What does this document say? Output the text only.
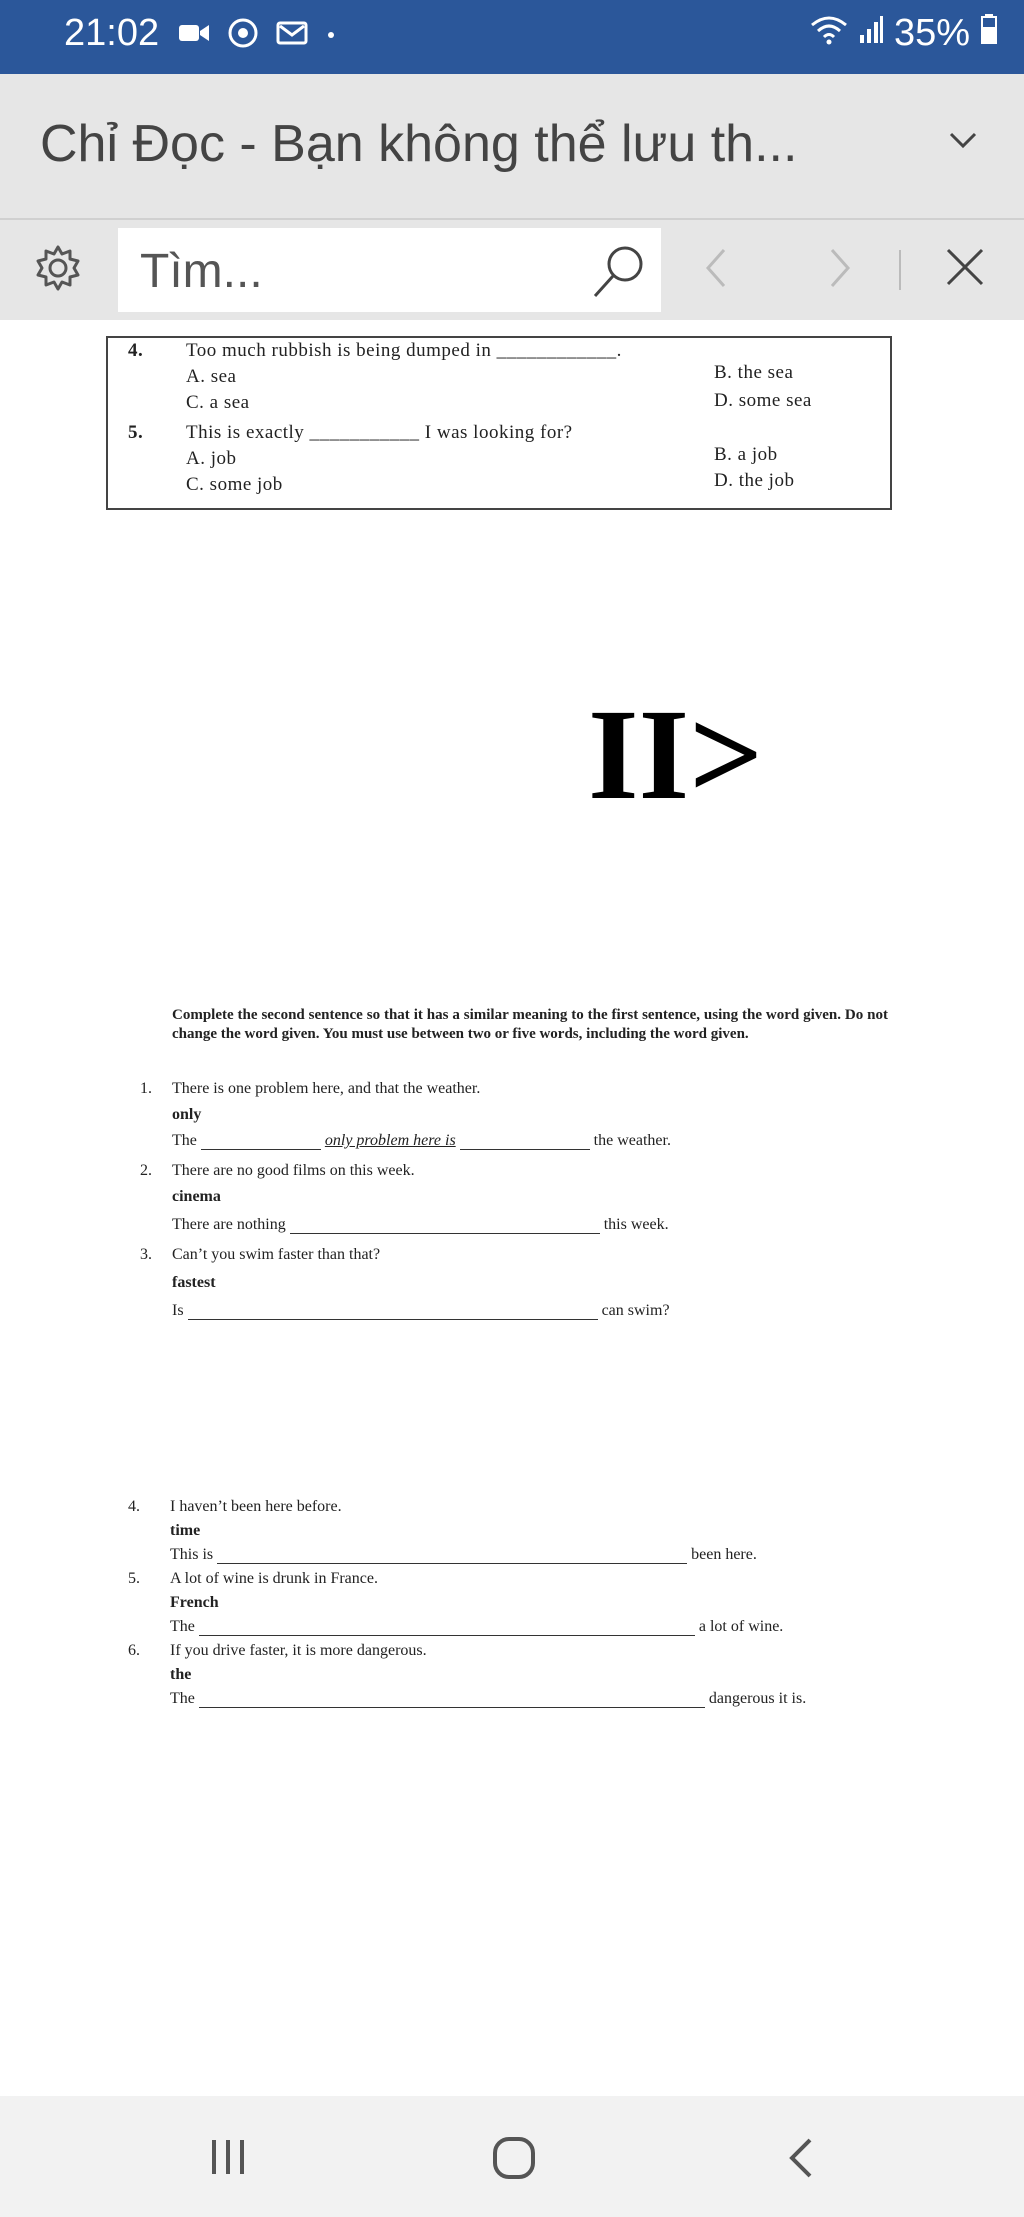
21:02	35%
Chỉ Đọc - Bạn không thể lưu th...
Tìm...
4. Too much rubbish is being dumped in ____________.
A. sea	B. the sea
C. a sea	D. some sea
5. This is exactly ___________ I was looking for?
A. job	B. a job
C. some job	D. the job
II>
Complete the second sentence so that it has a similar meaning to the first sentence, using the word given. Do not change the word given. You must use between two or five words, including the word given.
1. There is one problem here, and that the weather.
only
The	only problem here is	the weather.
2. There are no good films on this week.
cinema
There are nothing	this week.
3. Can’t you swim faster than that?
fastest
Is	can swim?
4. I haven’t been here before.
time
This is	been here.
5. A lot of wine is drunk in France.
French
The	a lot of wine.
6. If you drive faster, it is more dangerous.
the
The	dangerous it is.
